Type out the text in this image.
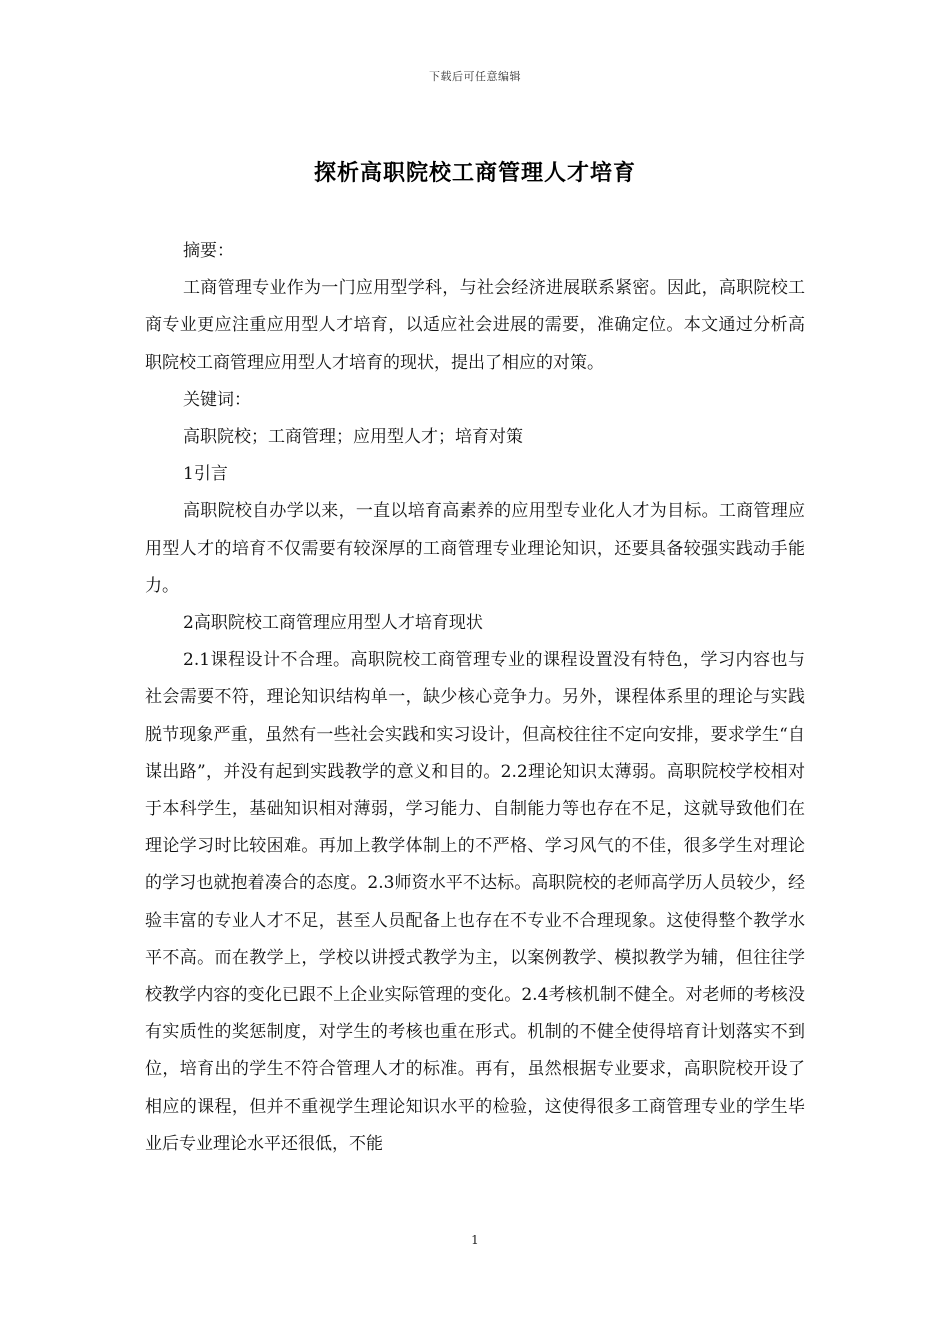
下载后可任意编辑
探析高职院校工商管理人才培育

摘要：

工商管理专业作为一门应用型学科，与社会经济进展联系紧密。因此，高职院校工商专业更应注重应用型人才培育，以适应社会进展的需要，准确定位。本文通过分析高职院校工商管理应用型人才培育的现状，提出了相应的对策。

关键词：

高职院校；工商管理；应用型人才；培育对策

1引言

高职院校自办学以来，一直以培育高素养的应用型专业化人才为目标。工商管理应用型人才的培育不仅需要有较深厚的工商管理专业理论知识，还要具备较强实践动手能力。

2高职院校工商管理应用型人才培育现状

2.1课程设计不合理。高职院校工商管理专业的课程设置没有特色，学习内容也与社会需要不符，理论知识结构单一，缺少核心竞争力。另外，课程体系里的理论与实践脱节现象严重，虽然有一些社会实践和实习设计，但高校往往不定向安排，要求学生“自谋出路”，并没有起到实践教学的意义和目的。2.2理论知识太薄弱。高职院校学校相对于本科学生，基础知识相对薄弱，学习能力、自制能力等也存在不足，这就导致他们在理论学习时比较困难。再加上教学体制上的不严格、学习风气的不佳，很多学生对理论的学习也就抱着凑合的态度。2.3师资水平不达标。高职院校的老师高学历人员较少，经验丰富的专业人才不足，甚至人员配备上也存在不专业不合理现象。这使得整个教学水平不高。而在教学上，学校以讲授式教学为主，以案例教学、模拟教学为辅，但往往学校教学内容的变化已跟不上企业实际管理的变化。2.4考核机制不健全。对老师的考核没有实质性的奖惩制度，对学生的考核也重在形式。机制的不健全使得培育计划落实不到位，培育出的学生不符合管理人才的标准。再有，虽然根据专业要求，高职院校开设了相应的课程，但并不重视学生理论知识水平的检验，这使得很多工商管理专业的学生毕业后专业理论水平还很低，不能

1
